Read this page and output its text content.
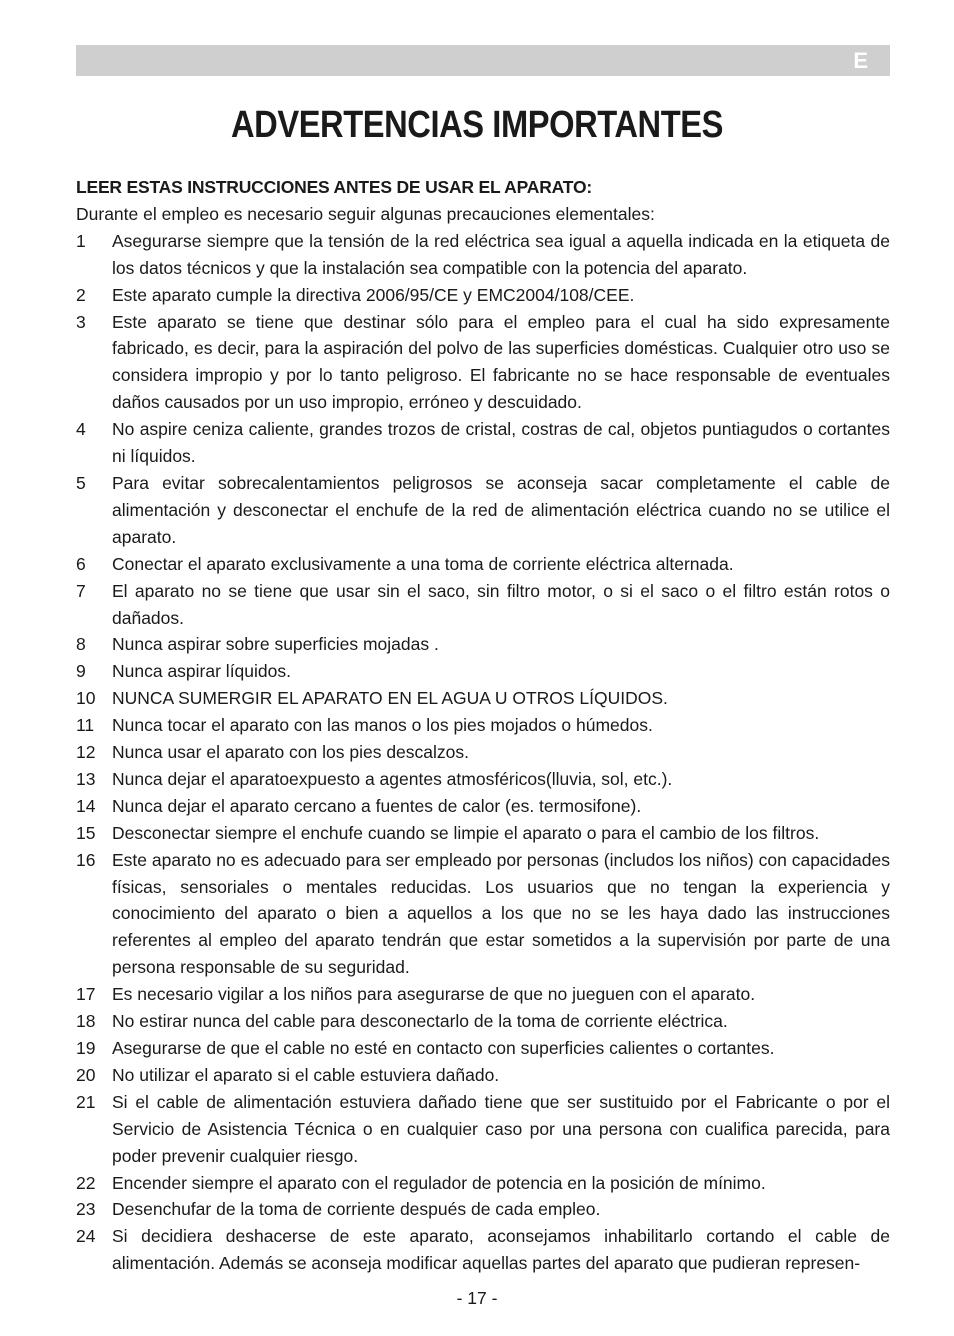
E
ADVERTENCIAS IMPORTANTES
LEER ESTAS INSTRUCCIONES ANTES DE USAR EL APARATO:
Durante el empleo es necesario seguir algunas precauciones elementales:
1 Asegurarse siempre que la tensión de la red eléctrica sea igual a aquella indicada en la etiqueta de los datos técnicos y que la instalación sea compatible con la potencia del aparato.
2 Este aparato cumple la directiva 2006/95/CE y EMC2004/108/CEE.
3 Este aparato se tiene que destinar sólo para el empleo para el cual ha sido expresamente fabricado, es decir, para la aspiración del polvo de las superficies domésticas. Cualquier otro uso se considera impropio y por lo tanto peligroso. El fabricante no se hace responsable de eventuales daños causados por un uso impropio, erróneo y descuidado.
4 No aspire ceniza caliente, grandes trozos de cristal, costras de cal, objetos puntiagudos o cortantes ni líquidos.
5 Para evitar sobrecalentamientos peligrosos se aconseja sacar completamente el cable de alimentación y desconectar el enchufe de la red de alimentación eléctrica cuando no se utilice el aparato.
6 Conectar el aparato exclusivamente a una toma de corriente eléctrica alternada.
7 El aparato no se tiene que usar sin el saco, sin filtro motor, o si el saco o el filtro están rotos o dañados.
8 Nunca aspirar sobre superficies mojadas .
9 Nunca aspirar líquidos.
10 NUNCA SUMERGIR EL APARATO EN EL AGUA U OTROS LÍQUIDOS.
11 Nunca tocar el aparato con las manos o los pies mojados o húmedos.
12 Nunca usar el aparato con los pies descalzos.
13 Nunca dejar el aparatoexpuesto a agentes atmosféricos(lluvia, sol, etc.).
14 Nunca dejar el aparato cercano a fuentes de calor (es. termosifone).
15 Desconectar siempre el enchufe cuando se limpie el aparato o para el cambio de los filtros.
16 Este aparato no es adecuado para ser empleado por personas (includos los niños) con capacidades físicas, sensoriales o mentales reducidas. Los usuarios que no tengan la experiencia y conocimiento del aparato o bien a aquellos a los que no se les haya dado las instrucciones referentes al empleo del aparato tendrán que estar sometidos a la supervisión por parte de una persona responsable de su seguridad.
17 Es necesario vigilar a los niños para asegurarse de que no jueguen con el aparato.
18 No estirar nunca del cable para desconectarlo de la toma de corriente eléctrica.
19 Asegurarse de que el cable no esté en contacto con superficies calientes o cortantes.
20 No utilizar el aparato si el cable estuviera dañado.
21 Si el cable de alimentación estuviera dañado tiene que ser sustituido por el Fabricante o por el Servicio de Asistencia Técnica o en cualquier caso por una persona con cualifica parecida, para poder prevenir cualquier riesgo.
22 Encender siempre el aparato con el regulador de potencia en la posición de mínimo.
23 Desenchufar de la toma de corriente después de cada empleo.
24 Si decidiera deshacerse de este aparato, aconsejamos inhabilitarlo cortando el cable de alimentación. Además se aconseja modificar aquellas partes del aparato que pudieran represen-
- 17 -
